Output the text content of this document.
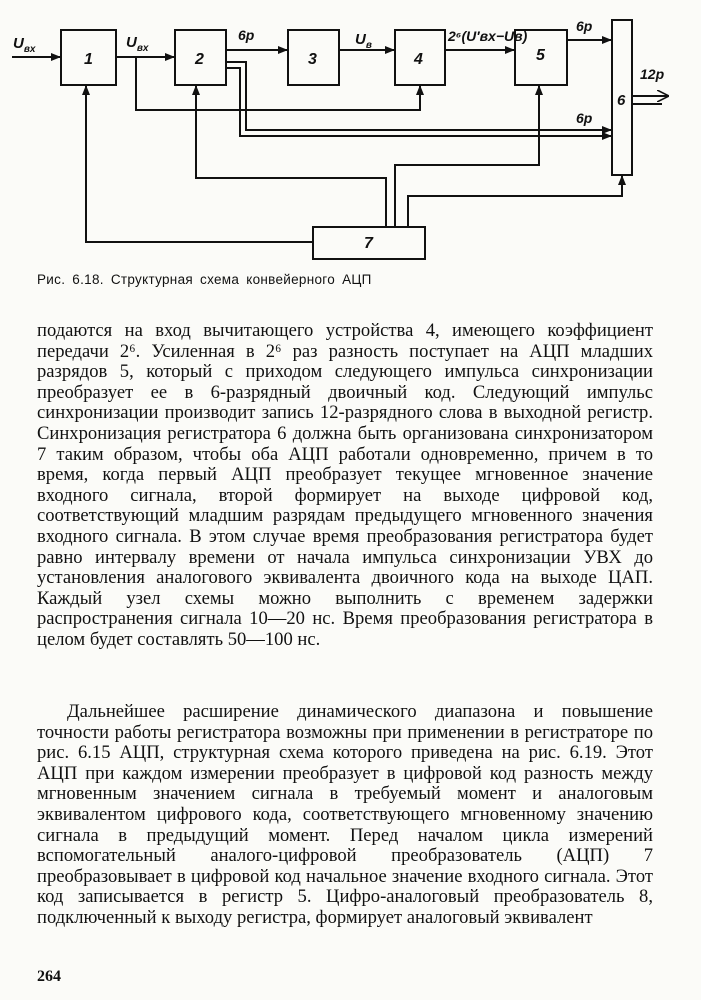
1	2	3	4	5
6
7
$U_{вх}$	$U_{вх}$
6р	$U_в$
2⁶(U′вх−Uв)
6р
6р
12р
Рис. 6.18. Структурная схема конвейерного АЦП

подаются на вход вычитающего устройства 4, имеющего коэффициент передачи 2⁶. Усиленная в 2⁶ раз разность поступает на АЦП младших разрядов 5, который с приходом следующего импульса синхронизации преобразует ее в 6-разрядный двоичный код. Следующий импульс синхронизации производит запись 12-разрядного слова в выходной регистр. Синхронизация регистратора 6 должна быть организована синхронизатором 7 таким образом, чтобы оба АЦП работали одновременно, причем в то время, когда первый АЦП преобразует текущее мгновенное значение входного сигнала, второй формирует на выходе цифровой код, соответствующий младшим разрядам предыдущего мгновенного значения входного сигнала. В этом случае время преобразования регистратора будет равно интервалу времени от начала импульса синхронизации УВХ до установления аналогового эквивалента двоичного кода на выходе ЦАП. Каждый узел схемы можно выполнить с временем задержки распространения сигнала 10—20 нс. Время преобразования регистратора в целом будет составлять 50—100 нс.

Дальнейшее расширение динамического диапазона и повышение точности работы регистратора возможны при применении в регистраторе по рис. 6.15 АЦП, структурная схема которого приведена на рис. 6.19. Этот АЦП при каждом измерении преобразует в цифровой код разность между мгновенным значением сигнала в требуемый момент и аналоговым эквивалентом цифрового кода, соответствующего мгновенному значению сигнала в предыдущий момент. Перед началом цикла измерений вспомогательный аналого-цифровой преобразователь (АЦП) 7 преобразовывает в цифровой код начальное значение входного сигнала. Этот код записывается в регистр 5. Цифро-аналоговый преобразователь 8, подключенный к выходу регистра, формирует аналоговый эквивалент

264
